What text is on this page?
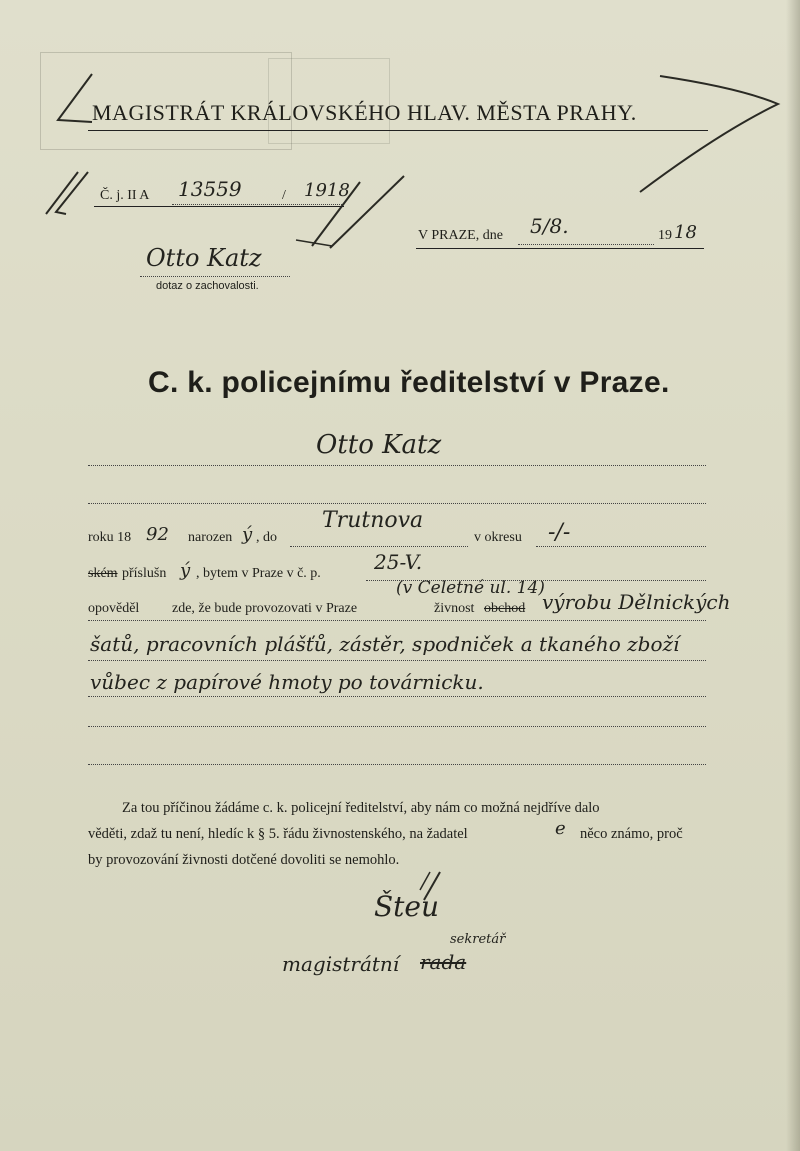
MAGISTRÁT KRÁLOVSKÉHO HLAV. MĚSTA PRAHY.
Č. j. II A 13559	/ 1918
V PRAZE, dne 5/8.	19 18
Otto Katz
dotaz o zachovalosti.
C. k. policejnímu ředitelství v Praze.
Otto Katz
roku 18 92 narozen ý , do
Trutnova
v okresu -/-
ském příslušn ý , bytem v Praze v č. p.	25-V.
opověděl zde, že bude provozovati v Praze
(v Celetné ul. 14)
živnost obchod výrobu Dělnických
šatů, pracovních plášťů, zástěr, spodniček a tkaného zboží
vůbec z papírové hmoty po továrnicku.
Za tou příčinou žádáme c. k. policejní ředitelství, aby nám co možná nejdříve dalo
věděti, zdaž tu není, hledíc k § 5. řádu živnostenského, na žadatel	e něco známo, proč
by provozování živnosti dotčené dovoliti se nemohlo.
Šteu
sekretář
magistrátní rada
